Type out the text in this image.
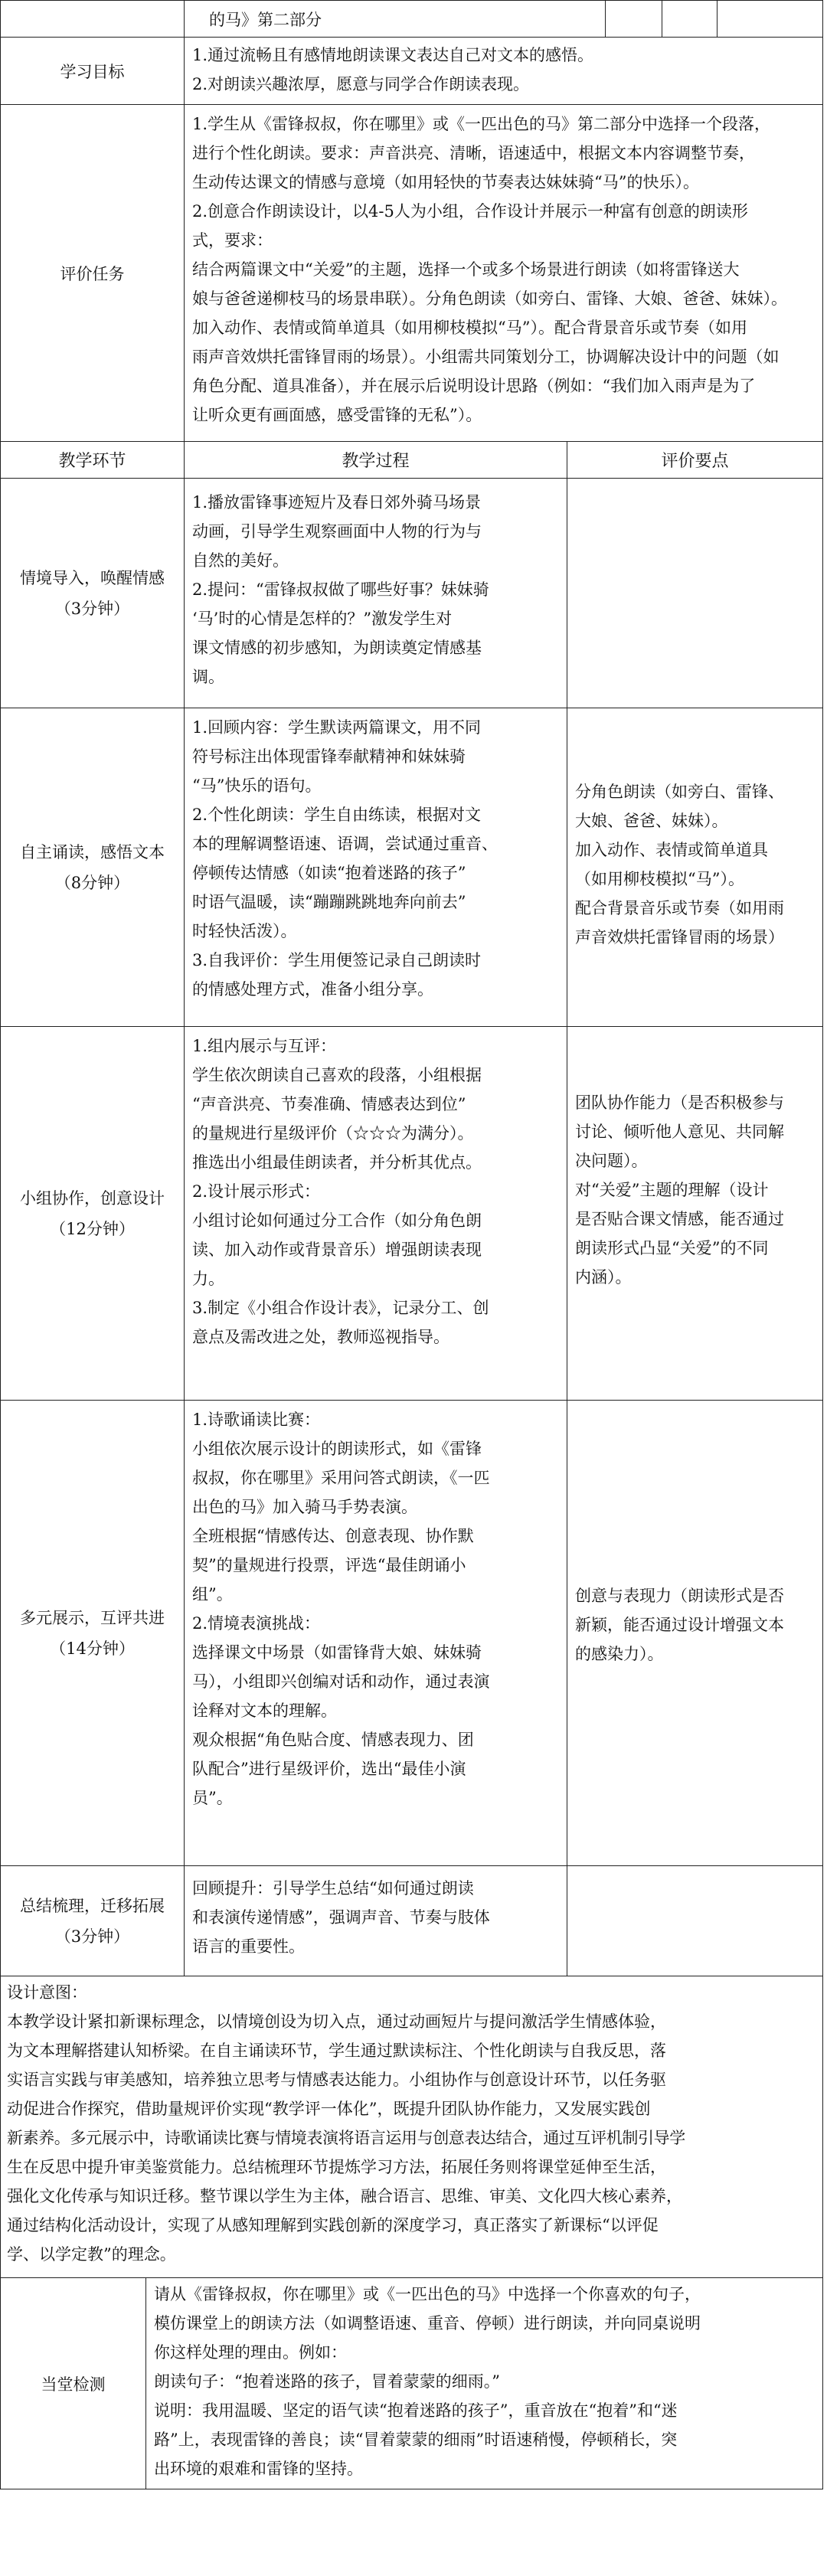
的马》第二部分
学习目标
1.通过流畅且有感情地朗读课文表达自己对文本的感悟。
2.对朗读兴趣浓厚，愿意与同学合作朗读表现。
评价任务
1.学生从《雷锋叔叔，你在哪里》或《一匹出色的马》第二部分中选择一个段落，
进行个性化朗读。要求：声音洪亮、清晰，语速适中，根据文本内容调整节奏，
生动传达课文的情感与意境（如用轻快的节奏表达妹妹骑“马”的快乐）。
2.创意合作朗读设计，以4-5人为小组，合作设计并展示一种富有创意的朗读形
式，要求：
结合两篇课文中“关爱”的主题，选择一个或多个场景进行朗读（如将雷锋送大
娘与爸爸递柳枝马的场景串联）。分角色朗读（如旁白、雷锋、大娘、爸爸、妹妹）。
加入动作、表情或简单道具（如用柳枝模拟“马”）。配合背景音乐或节奏（如用
雨声音效烘托雷锋冒雨的场景）。小组需共同策划分工，协调解决设计中的问题（如
角色分配、道具准备），并在展示后说明设计思路（例如：“我们加入雨声是为了
让听众更有画面感，感受雷锋的无私”）。
教学环节	教学过程	评价要点
情境导入，唤醒情感
（3分钟）
1.播放雷锋事迹短片及春日郊外骑马场景
动画，引导学生观察画面中人物的行为与
自然的美好。
2.提问：“雷锋叔叔做了哪些好事？妹妹骑
‘马’时的心情是怎样的？”激发学生对
课文情感的初步感知，为朗读奠定情感基
调。
自主诵读，感悟文本
（8分钟）
1.回顾内容：学生默读两篇课文，用不同
符号标注出体现雷锋奉献精神和妹妹骑
“马”快乐的语句。
2.个性化朗读：学生自由练读，根据对文
本的理解调整语速、语调，尝试通过重音、
停顿传达情感（如读“抱着迷路的孩子”
时语气温暖，读“蹦蹦跳跳地奔向前去”
时轻快活泼）。
3.自我评价：学生用便签记录自己朗读时
的情感处理方式，准备小组分享。
分角色朗读（如旁白、雷锋、
大娘、爸爸、妹妹）。
加入动作、表情或简单道具
（如用柳枝模拟“马”）。
配合背景音乐或节奏（如用雨
声音效烘托雷锋冒雨的场景）
小组协作，创意设计
（12分钟）
1.组内展示与互评：
学生依次朗读自己喜欢的段落，小组根据
“声音洪亮、节奏准确、情感表达到位”
的量规进行星级评价（☆☆☆为满分）。
推选出小组最佳朗读者，并分析其优点。
2.设计展示形式：
小组讨论如何通过分工合作（如分角色朗
读、加入动作或背景音乐）增强朗读表现
力。
3.制定《小组合作设计表》，记录分工、创
意点及需改进之处，教师巡视指导。
团队协作能力（是否积极参与
讨论、倾听他人意见、共同解
决问题）。
对“关爱”主题的理解（设计
是否贴合课文情感，能否通过
朗读形式凸显“关爱”的不同
内涵）。
多元展示，互评共进
（14分钟）
1.诗歌诵读比赛：
小组依次展示设计的朗读形式，如《雷锋
叔叔，你在哪里》采用问答式朗读，《一匹
出色的马》加入骑马手势表演。
全班根据“情感传达、创意表现、协作默
契”的量规进行投票，评选“最佳朗诵小
组”。
2.情境表演挑战：
选择课文中场景（如雷锋背大娘、妹妹骑
马），小组即兴创编对话和动作，通过表演
诠释对文本的理解。
观众根据“角色贴合度、情感表现力、团
队配合”进行星级评价，选出“最佳小演
员”。
创意与表现力（朗读形式是否
新颖，能否通过设计增强文本
的感染力）。
总结梳理，迁移拓展
（3分钟）
回顾提升：引导学生总结“如何通过朗读
和表演传递情感”，强调声音、节奏与肢体
语言的重要性。
设计意图：
本教学设计紧扣新课标理念，以情境创设为切入点，通过动画短片与提问激活学生情感体验，
为文本理解搭建认知桥梁。在自主诵读环节，学生通过默读标注、个性化朗读与自我反思，落
实语言实践与审美感知，培养独立思考与情感表达能力。小组协作与创意设计环节，以任务驱
动促进合作探究，借助量规评价实现“教学评一体化”，既提升团队协作能力，又发展实践创
新素养。多元展示中，诗歌诵读比赛与情境表演将语言运用与创意表达结合，通过互评机制引导学
生在反思中提升审美鉴赏能力。总结梳理环节提炼学习方法，拓展任务则将课堂延伸至生活，
强化文化传承与知识迁移。整节课以学生为主体，融合语言、思维、审美、文化四大核心素养，
通过结构化活动设计，实现了从感知理解到实践创新的深度学习，真正落实了新课标“以评促
学、以学定教”的理念。
当堂检测
请从《雷锋叔叔，你在哪里》或《一匹出色的马》中选择一个你喜欢的句子，
模仿课堂上的朗读方法（如调整语速、重音、停顿）进行朗读，并向同桌说明
你这样处理的理由。例如：
朗读句子：“抱着迷路的孩子，冒着蒙蒙的细雨。”
说明：我用温暖、坚定的语气读“抱着迷路的孩子”，重音放在“抱着”和“迷
路”上，表现雷锋的善良；读“冒着蒙蒙的细雨”时语速稍慢，停顿稍长，突
出环境的艰难和雷锋的坚持。
